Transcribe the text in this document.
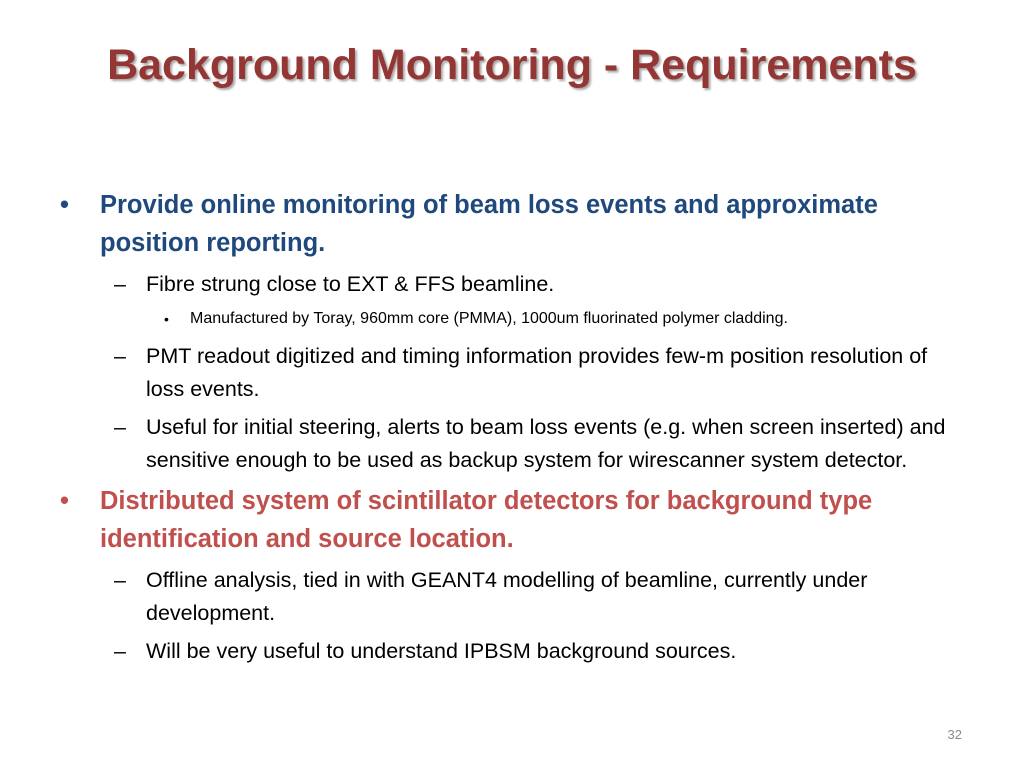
Background Monitoring - Requirements
•	Provide online monitoring of beam loss events and approximate position reporting.
– Fibre strung close to EXT & FFS beamline.
• Manufactured by Toray, 960mm core (PMMA), 1000um fluorinated polymer cladding.
– PMT readout digitized and timing information provides few-m position resolution of loss events.
– Useful for initial steering, alerts to beam loss events (e.g. when screen inserted) and sensitive enough to be used as backup system for wirescanner system detector.
•	Distributed system of scintillator detectors for background type identification and source location.
– Offline analysis, tied in with GEANT4 modelling of beamline, currently under development.
– Will be very useful to understand IPBSM background sources.
32
